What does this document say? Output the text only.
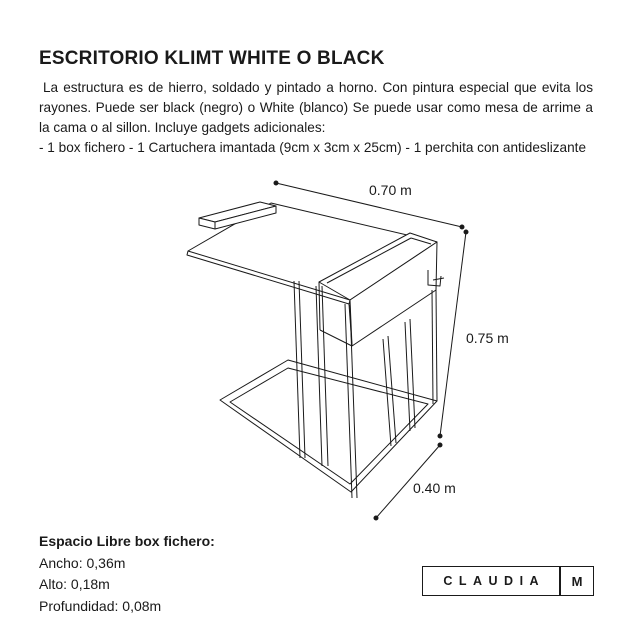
ESCRITORIO KLIMT WHITE O BLACK

La estructura es de hierro, soldado y pintado a horno. Con pintura especial que evita los rayones. Puede ser black (negro) o White (blanco) Se puede usar como mesa de arrime a la cama o al sillon. Incluye gadgets adicionales:

- 1 box fichero - 1 Cartuchera imantada (9cm x 3cm x 25cm) - 1 perchita con antideslizante

0.70 m
0.75 m
0.40 m
Espacio Libre box fichero:
Ancho: 0,36m
Alto: 0,18m
Profundidad: 0,08m
CLAUDIA	M
